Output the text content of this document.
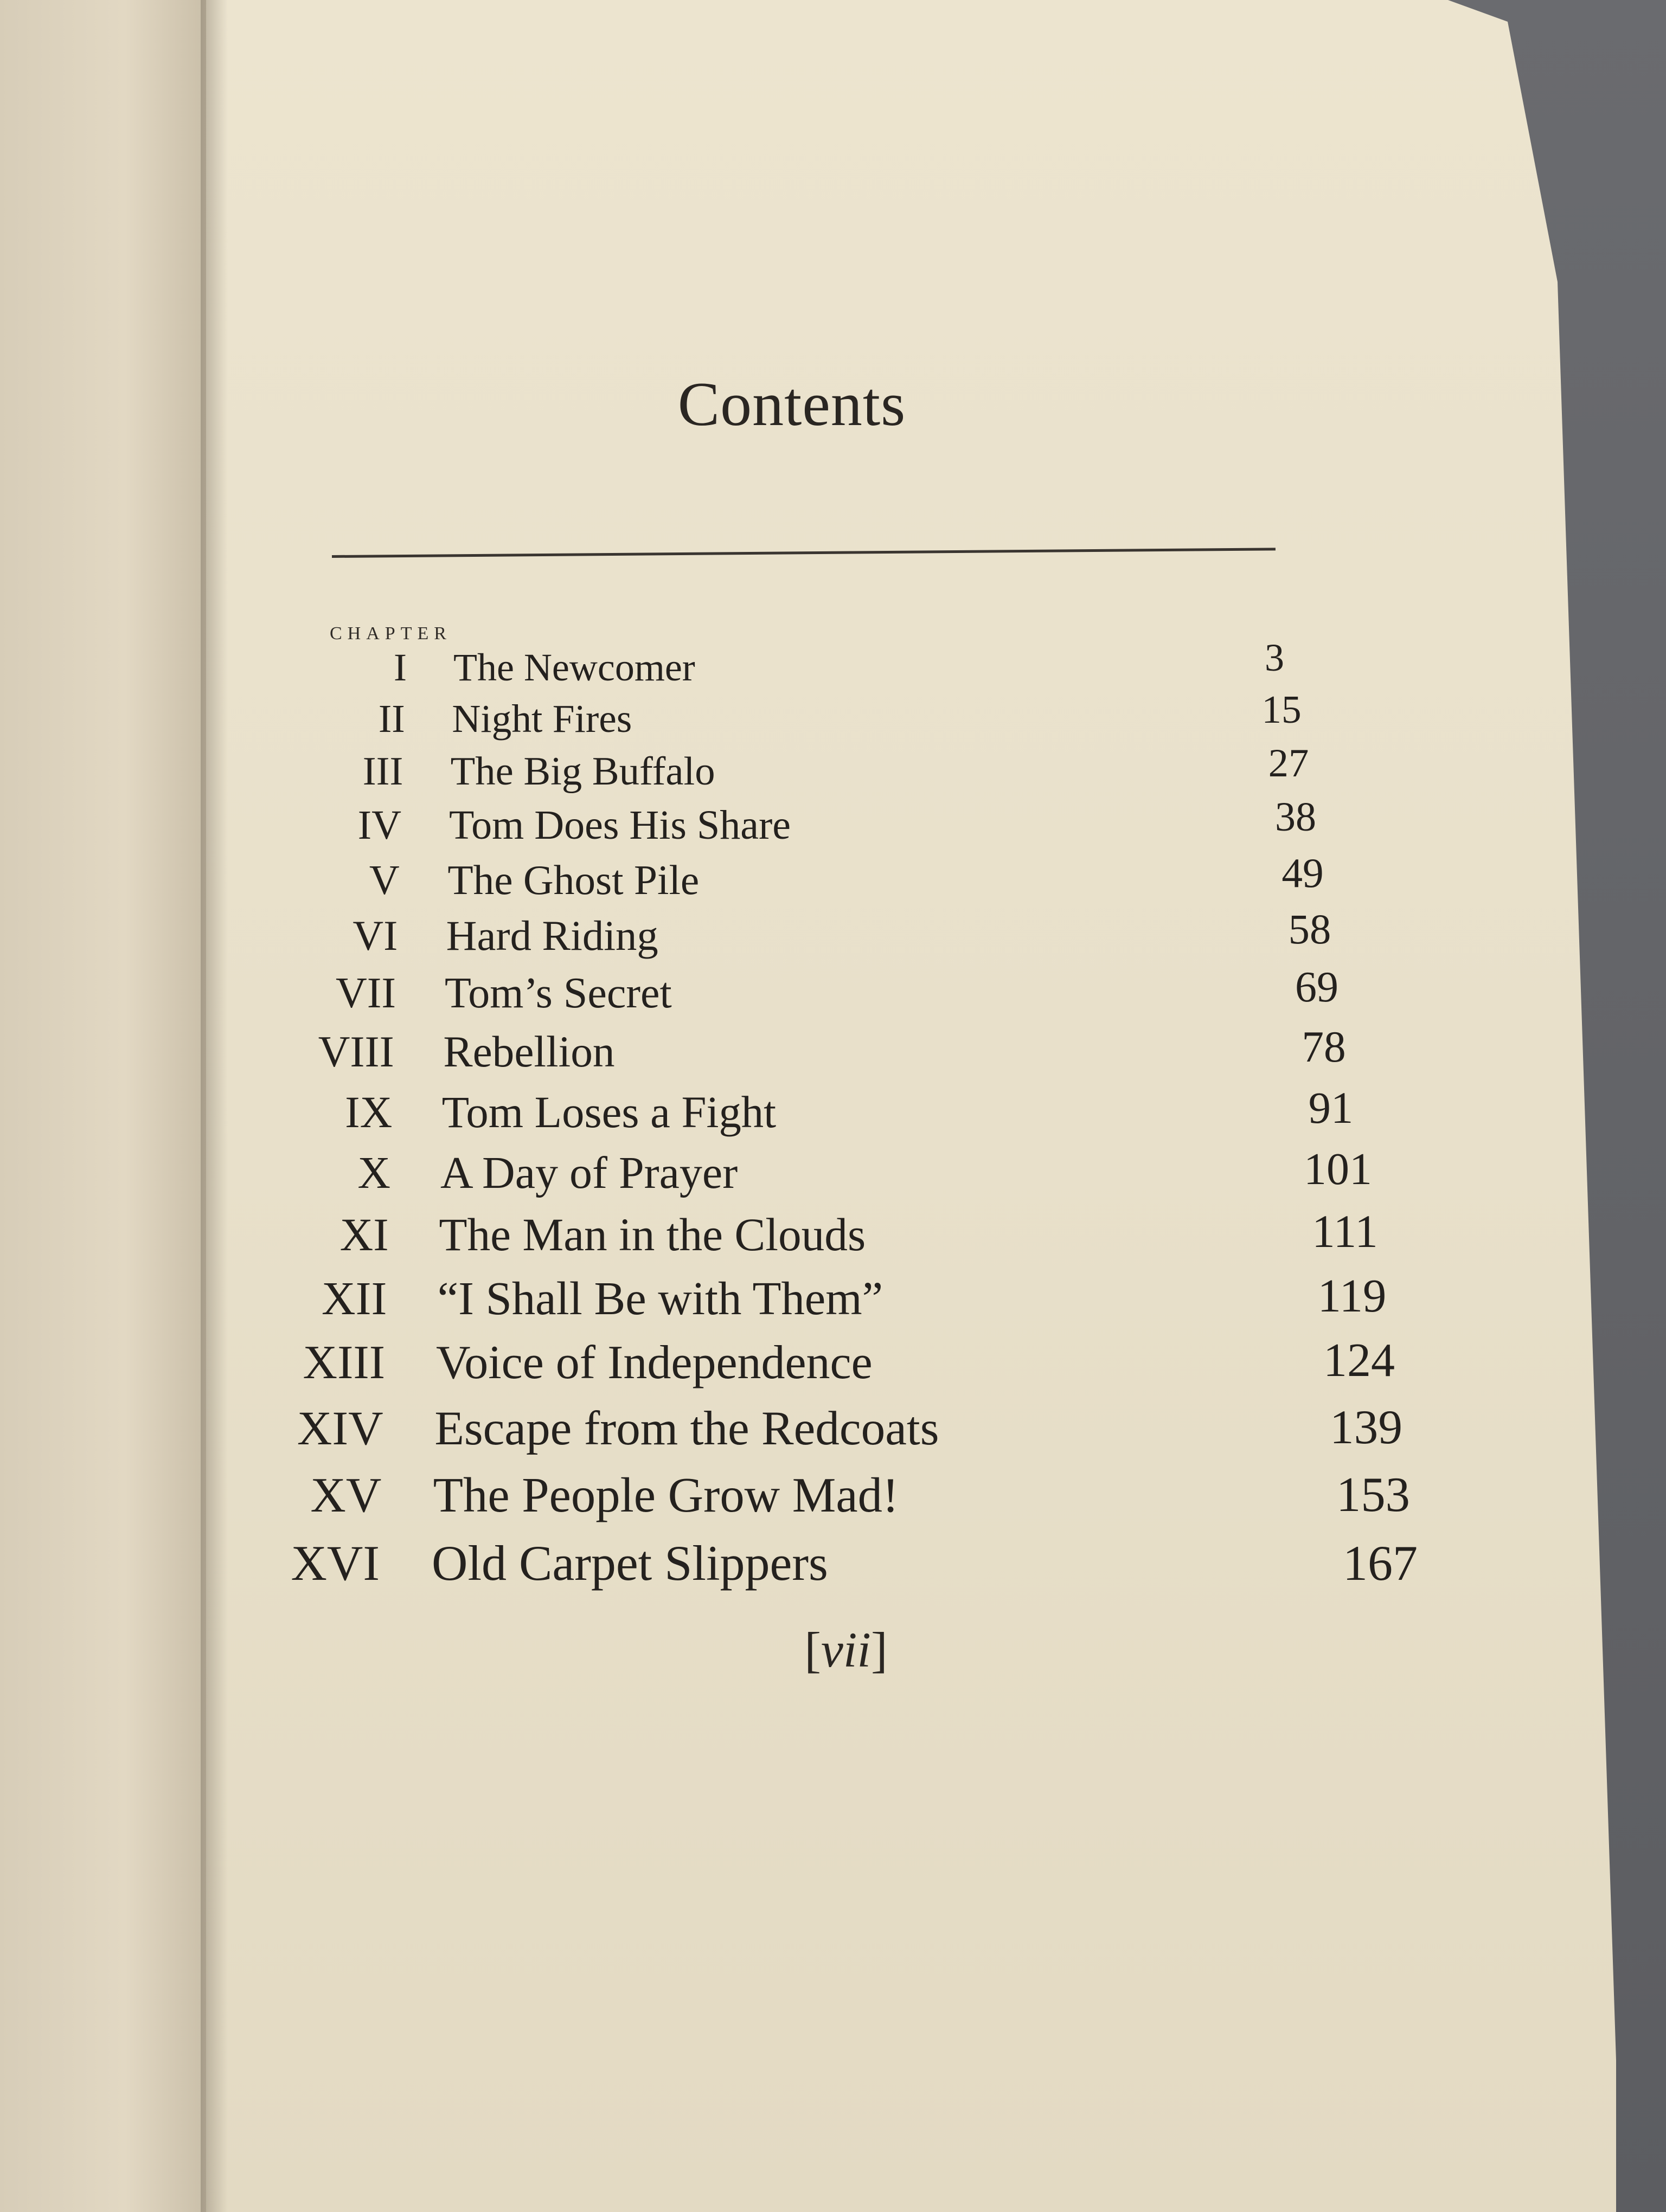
Contents
CHAPTER
I The Newcomer	3
II Night Fires	15
III The Big Buffalo	27
IV Tom Does His Share	38
V The Ghost Pile	49
VI Hard Riding	58
VII Tom’s Secret	69
VIII Rebellion	78
IX Tom Loses a Fight	91
X A Day of Prayer	101
XI The Man in the Clouds	111
XII “I Shall Be with Them”	119
XIII Voice of Independence	124
XIV Escape from the Redcoats	139
XV The People Grow Mad!	153
XVI Old Carpet Slippers	167
[vii]
